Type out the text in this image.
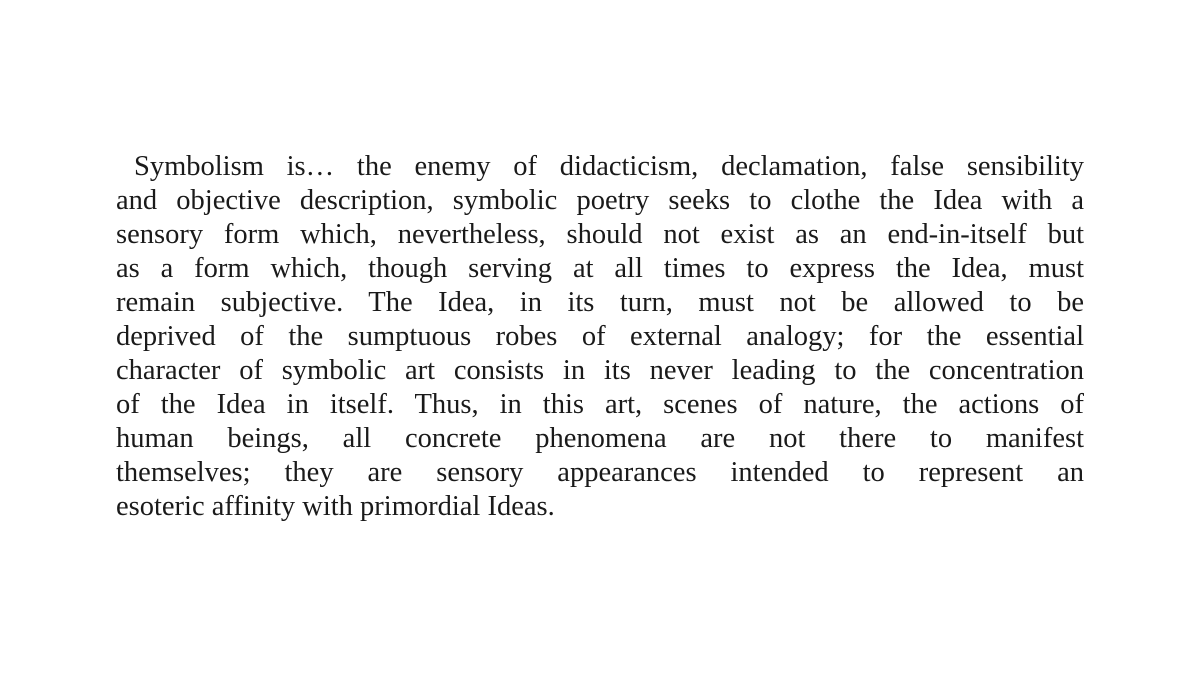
Symbolism is… the enemy of didacticism, declamation, false sensibility
and objective description, symbolic poetry seeks to clothe the Idea with a
sensory form which, nevertheless, should not exist as an end-in-itself but
as a form which, though serving at all times to express the Idea, must
remain subjective. The Idea, in its turn, must not be allowed to be
deprived of the sumptuous robes of external analogy; for the essential
character of symbolic art consists in its never leading to the concentration
of the Idea in itself. Thus, in this art, scenes of nature, the actions of
human beings, all concrete phenomena are not there to manifest
themselves; they are sensory appearances intended to represent an
esoteric affinity with primordial Ideas.
